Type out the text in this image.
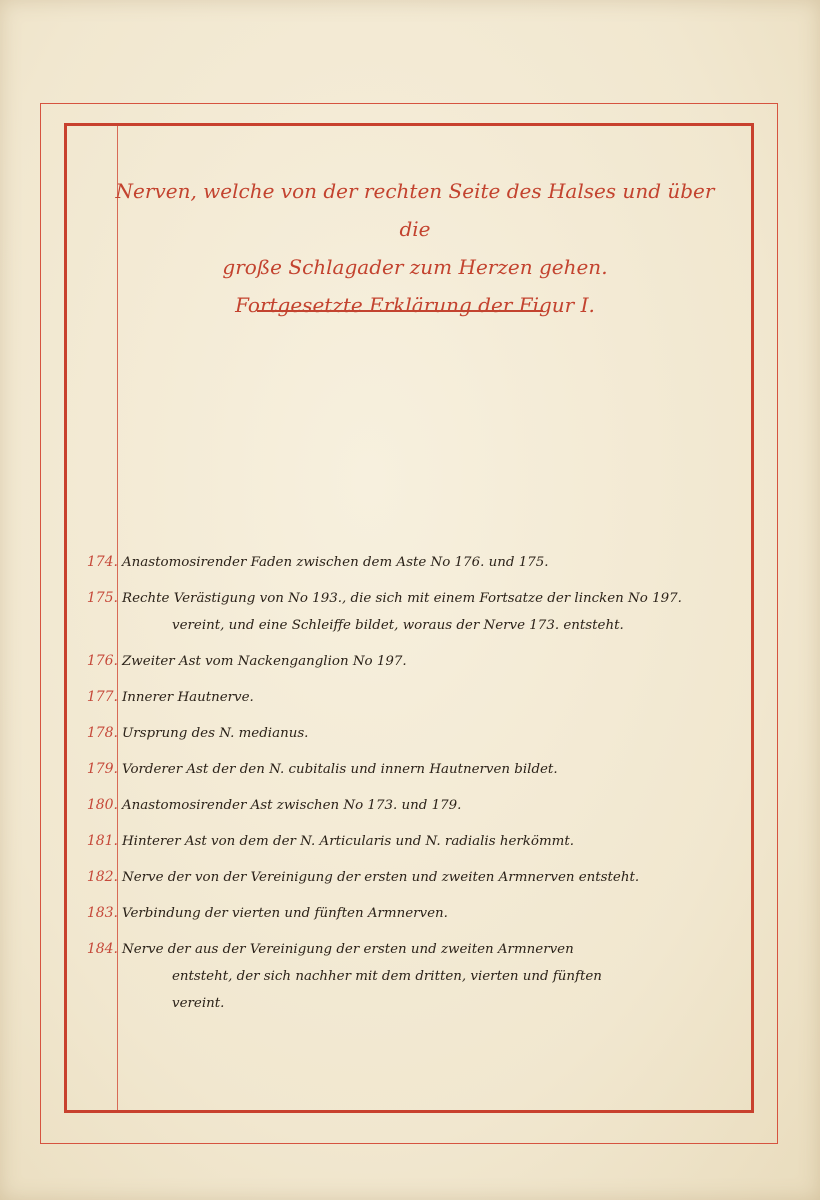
Nerven, welche von der rechten Seite des Halses und über die
große Schlagader zum Herzen gehen.
Fortgesetzte Erklärung der Figur I.
174. Anastomosirender Faden zwischen dem Aste No 176. und 175.
175. Rechte Verästigung von No 193., die sich mit einem Fortsatze der lincken No 197.
vereint, und eine Schleiffe bildet, woraus der Nerve 173. entsteht.
176. Zweiter Ast vom Nackenganglion No 197.
177. Innerer Hautnerve.
178. Ursprung des N. medianus.
179. Vorderer Ast der den N. cubitalis und innern Hautnerven bildet.
180. Anastomosirender Ast zwischen No 173. und 179.
181. Hinterer Ast von dem der N. Articularis und N. radialis herkömmt.
182. Nerve der von der Vereinigung der ersten und zweiten Armnerven entsteht.
183. Verbindung der vierten und fünften Armnerven.
184. Nerve der aus der Vereinigung der ersten und zweiten Armnerven
entsteht, der sich nachher mit dem dritten, vierten und fünften
vereint.
